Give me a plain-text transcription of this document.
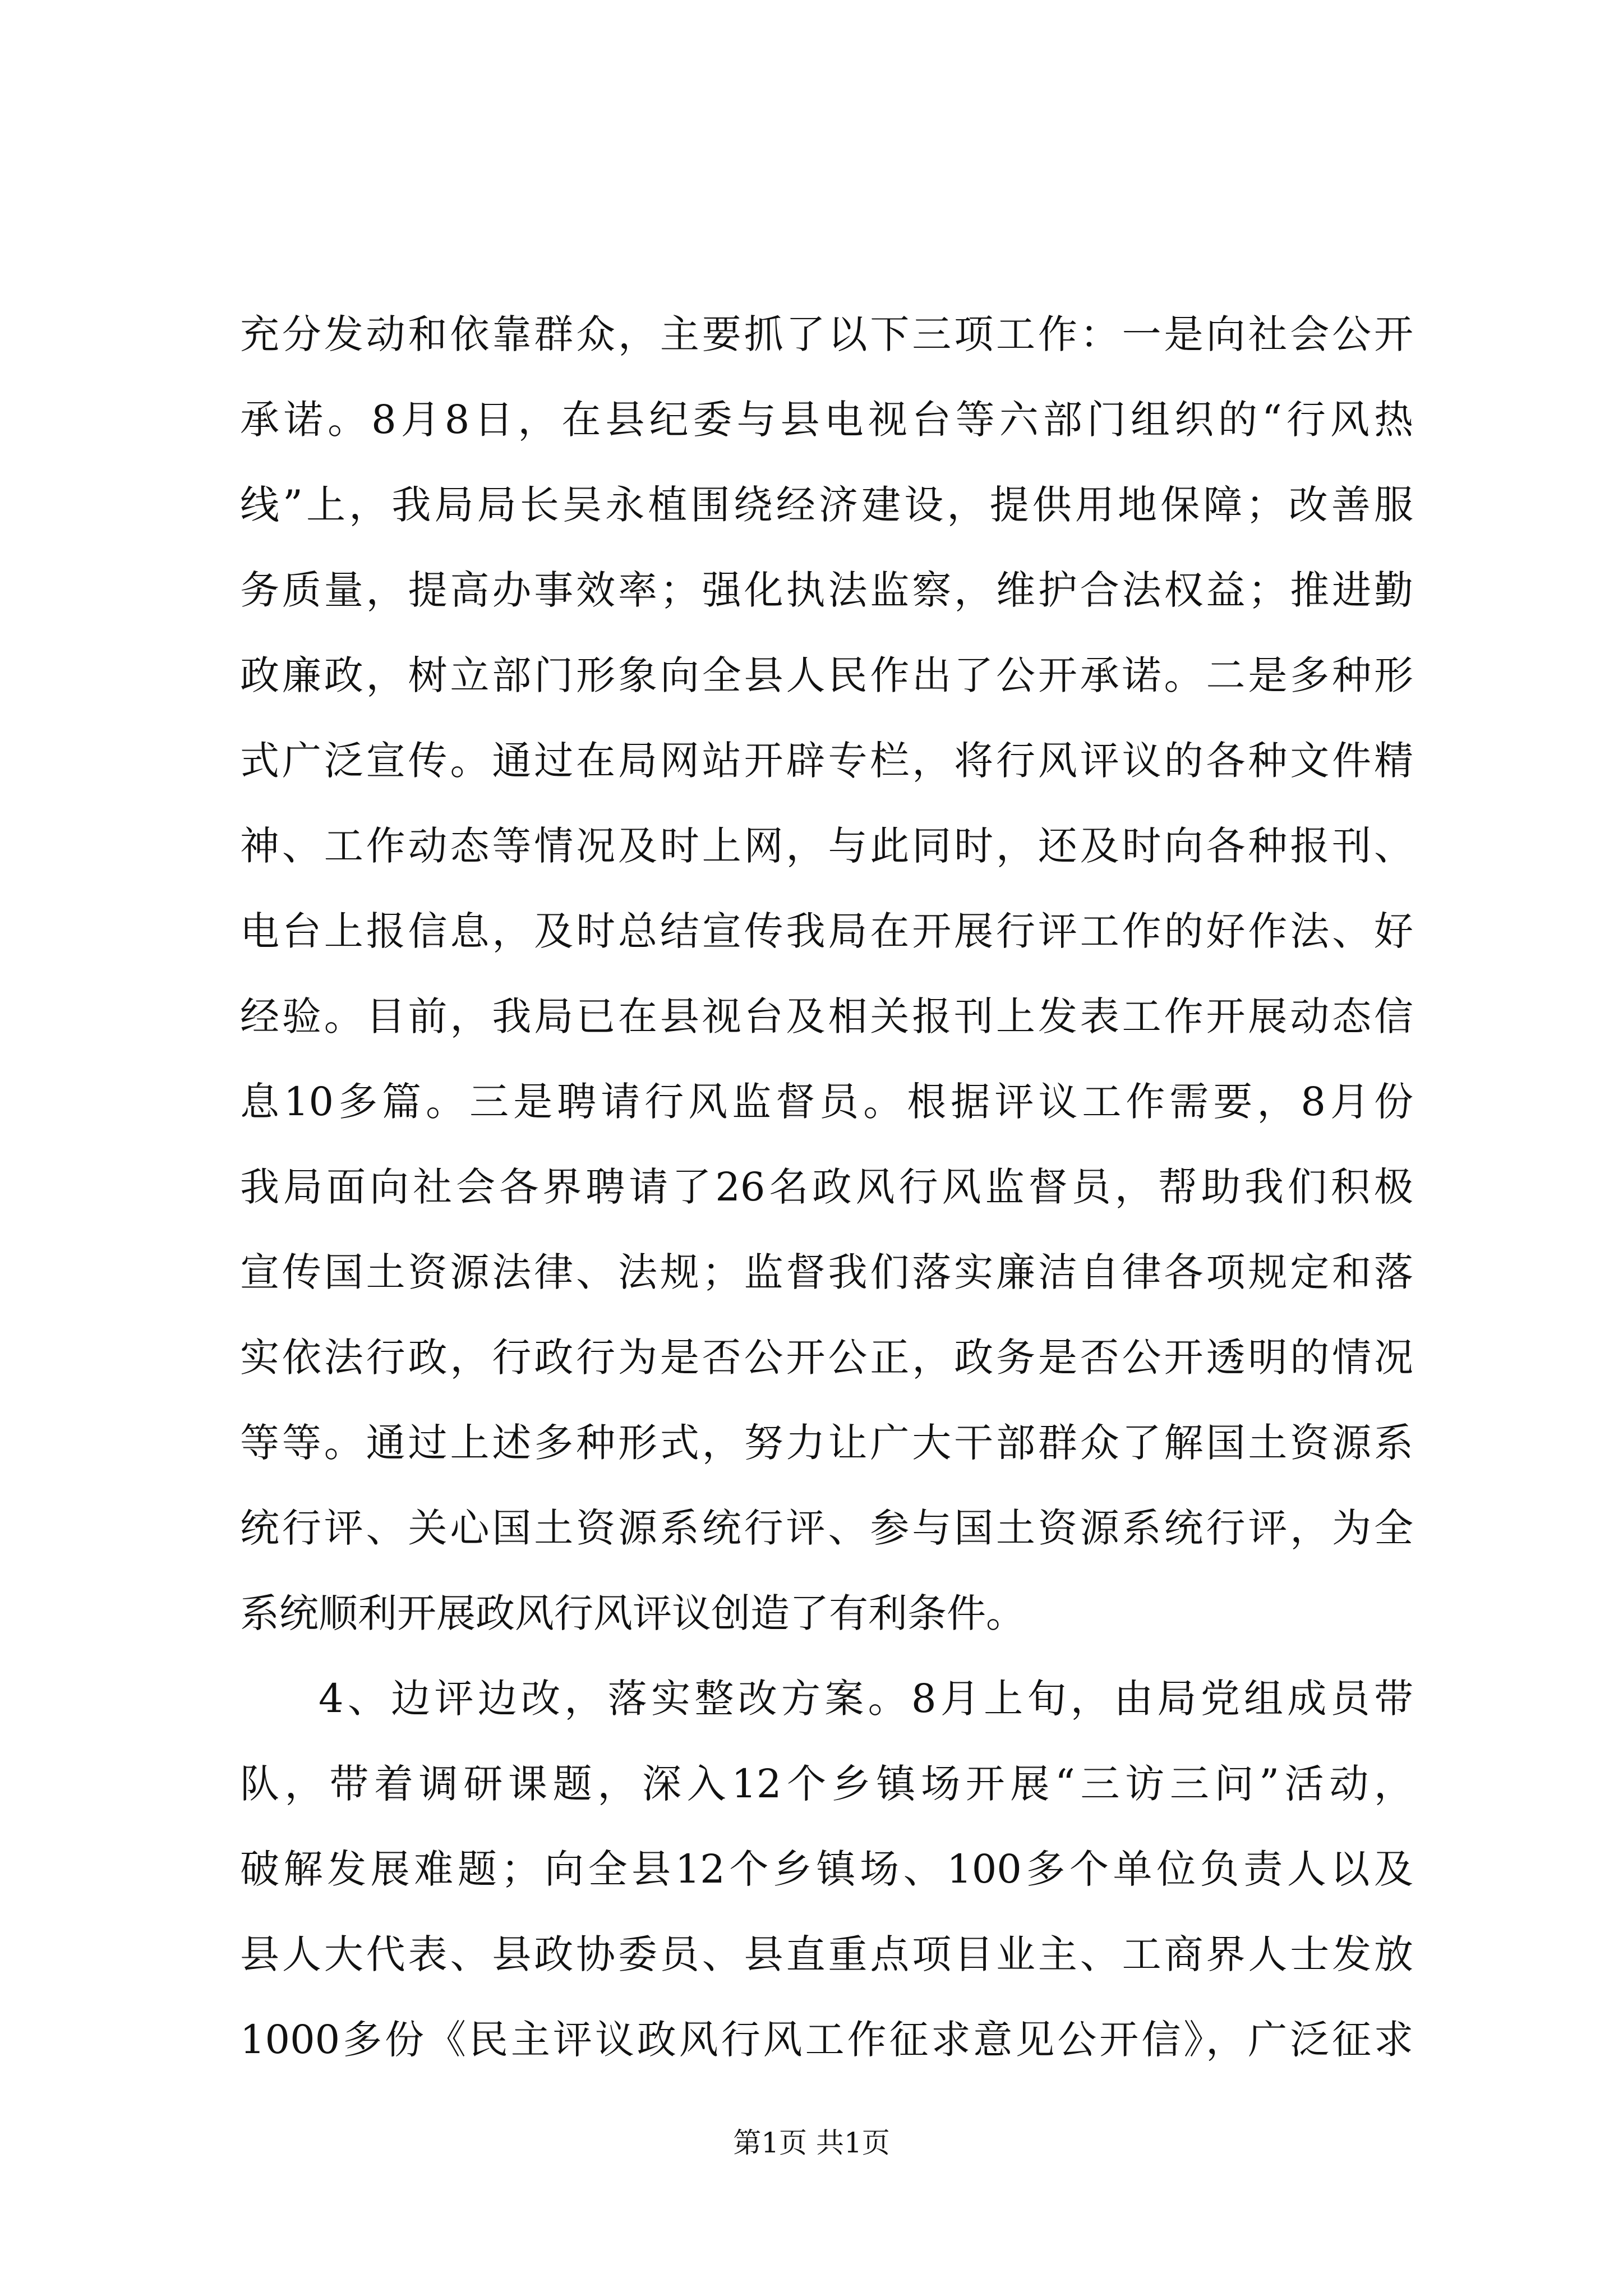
充分发动和依靠群众，主要抓了以下三项工作：一是向社会公开
承诺。8月8日，在县纪委与县电视台等六部门组织的“行风热
线”上，我局局长吴永植围绕经济建设，提供用地保障；改善服
务质量，提高办事效率；强化执法监察，维护合法权益；推进勤
政廉政，树立部门形象向全县人民作出了公开承诺。二是多种形
式广泛宣传。通过在局网站开辟专栏，将行风评议的各种文件精
神、工作动态等情况及时上网，与此同时，还及时向各种报刊、
电台上报信息，及时总结宣传我局在开展行评工作的好作法、好
经验。目前，我局已在县视台及相关报刊上发表工作开展动态信
息10多篇。三是聘请行风监督员。根据评议工作需要，8月份
我局面向社会各界聘请了26名政风行风监督员，帮助我们积极
宣传国土资源法律、法规；监督我们落实廉洁自律各项规定和落
实依法行政，行政行为是否公开公正，政务是否公开透明的情况
等等。通过上述多种形式，努力让广大干部群众了解国土资源系
统行评、关心国土资源系统行评、参与国土资源系统行评，为全
系统顺利开展政风行风评议创造了有利条件。
4、边评边改，落实整改方案。8月上旬，由局党组成员带
队，带着调研课题，深入12个乡镇场开展“三访三问”活动，
破解发展难题；向全县12个乡镇场、100多个单位负责人以及
县人大代表、县政协委员、县直重点项目业主、工商界人士发放
1000多份《民主评议政风行风工作征求意见公开信》，广泛征求
第1页 共1页
